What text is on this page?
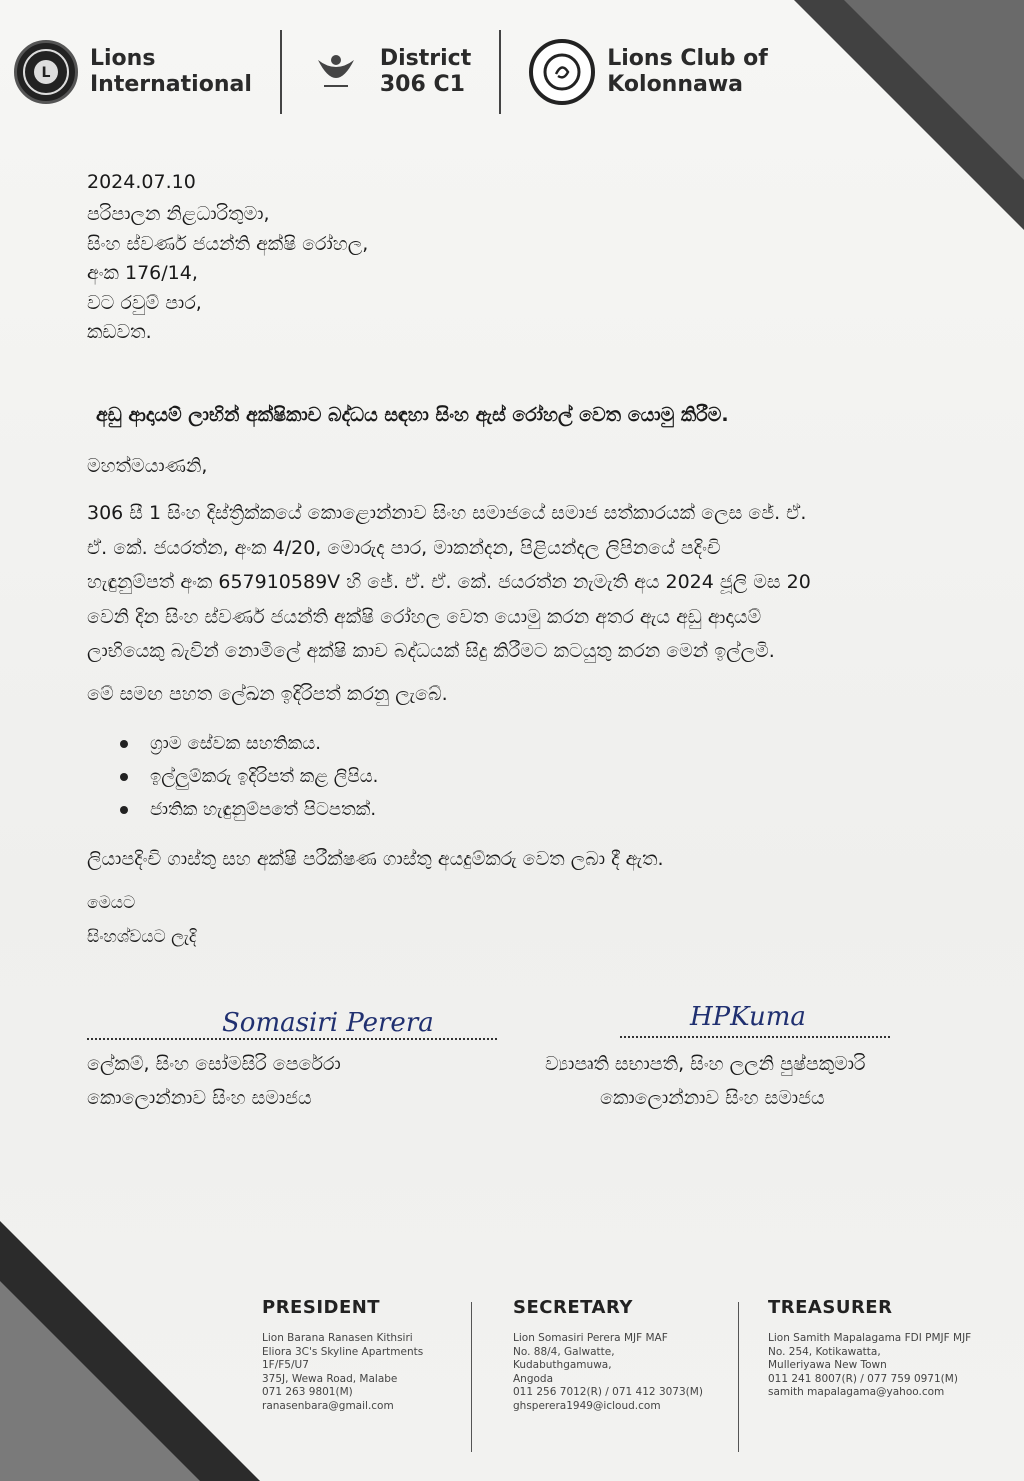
L
Lions
International
District
306 C1
Lions Club of
Kolonnawa
2024.07.10
පරිපාලන නිළධාරිතුමා,
සිංහ ස්වර්ණ ජයන්ති අක්ෂි රෝහල,
අංක 176/14,
වට රවුම් පාර,
කඩවත.
අඩු ආදායම් ලාභින් අක්ෂිකාච බද්ධය සඳහා සිංහ ඇස් රෝහල් වෙත යොමු කිරීම.
මහත්මයාණනි,
306 සී 1 සිංහ දිස්ත්‍රික්කයේ කොළොන්නාව සිංහ සමාජයේ සමාජ සත්කාරයක් ලෙස ජේ. ඒ.
ඒ. කේ. ජයරත්න, අංක 4/20, මොරුද පාර, මාකන්දන, පිළියන්දල ලිපිනයේ පදිංචි
හැඳුනුම්පත් අංක 657910589V හි ජේ. ඒ. ඒ. කේ. ජයරත්න නැමැති අය 2024 ජූලි මස 20
වෙනි දින සිංහ ස්වණර් ජයන්ති අක්ෂි රෝහල වෙත යොමු කරන අතර ඇය අඩු ආදායම්
ලාභියෙකු බැවින් නොමිලේ අක්ෂි කාච බද්ධයක් සිදු කිරීමට කටයුතු කරන මෙන් ඉල්ලමි.
මේ සමඟ පහත ලේඛන ඉදිරිපත් කරනු ලැබේ.
ග්‍රාම සේවක සහතිකය.
ඉල්ලුම්කරු ඉදිරිපත් කළ ලිපිය.
ජාතික හැඳුනුම්පතේ පිටපතක්.
ලියාපදිංචි ගාස්තු සහ අක්ෂි පරීක්ෂණ ගාස්තු අයදුම්කරු වෙත ලබා දී ඇත.
මෙයට
සිංහශ්වයට ලැදි
Somasiri Perera
ලේකම්, සිංහ සෝමසිරි පෙරේරා
කොලොන්නාව සිංහ සමාජය
HPKuma
ව්‍යාපෘති සභාපති, සිංහ ලලනි පුෂ්පකුමාරි
කොලොන්නාව සිංහ සමාජය
PRESIDENT
Lion Barana Ranasen Kithsiri
Eliora 3C's Skyline Apartments
1F/F5/U7
375J, Wewa Road, Malabe
071 263 9801(M)
ranasenbara@gmail.com
SECRETARY
Lion Somasiri Perera MJF MAF
No. 88/4, Galwatte,
Kudabuthgamuwa,
Angoda
011 256 7012(R) / 071 412 3073(M)
ghsperera1949@icloud.com
TREASURER
Lion Samith Mapalagama FDI PMJF MJF
No. 254, Kotikawatta,
Mulleriyawa New Town
011 241 8007(R) / 077 759 0971(M)
samith mapalagama@yahoo.com
